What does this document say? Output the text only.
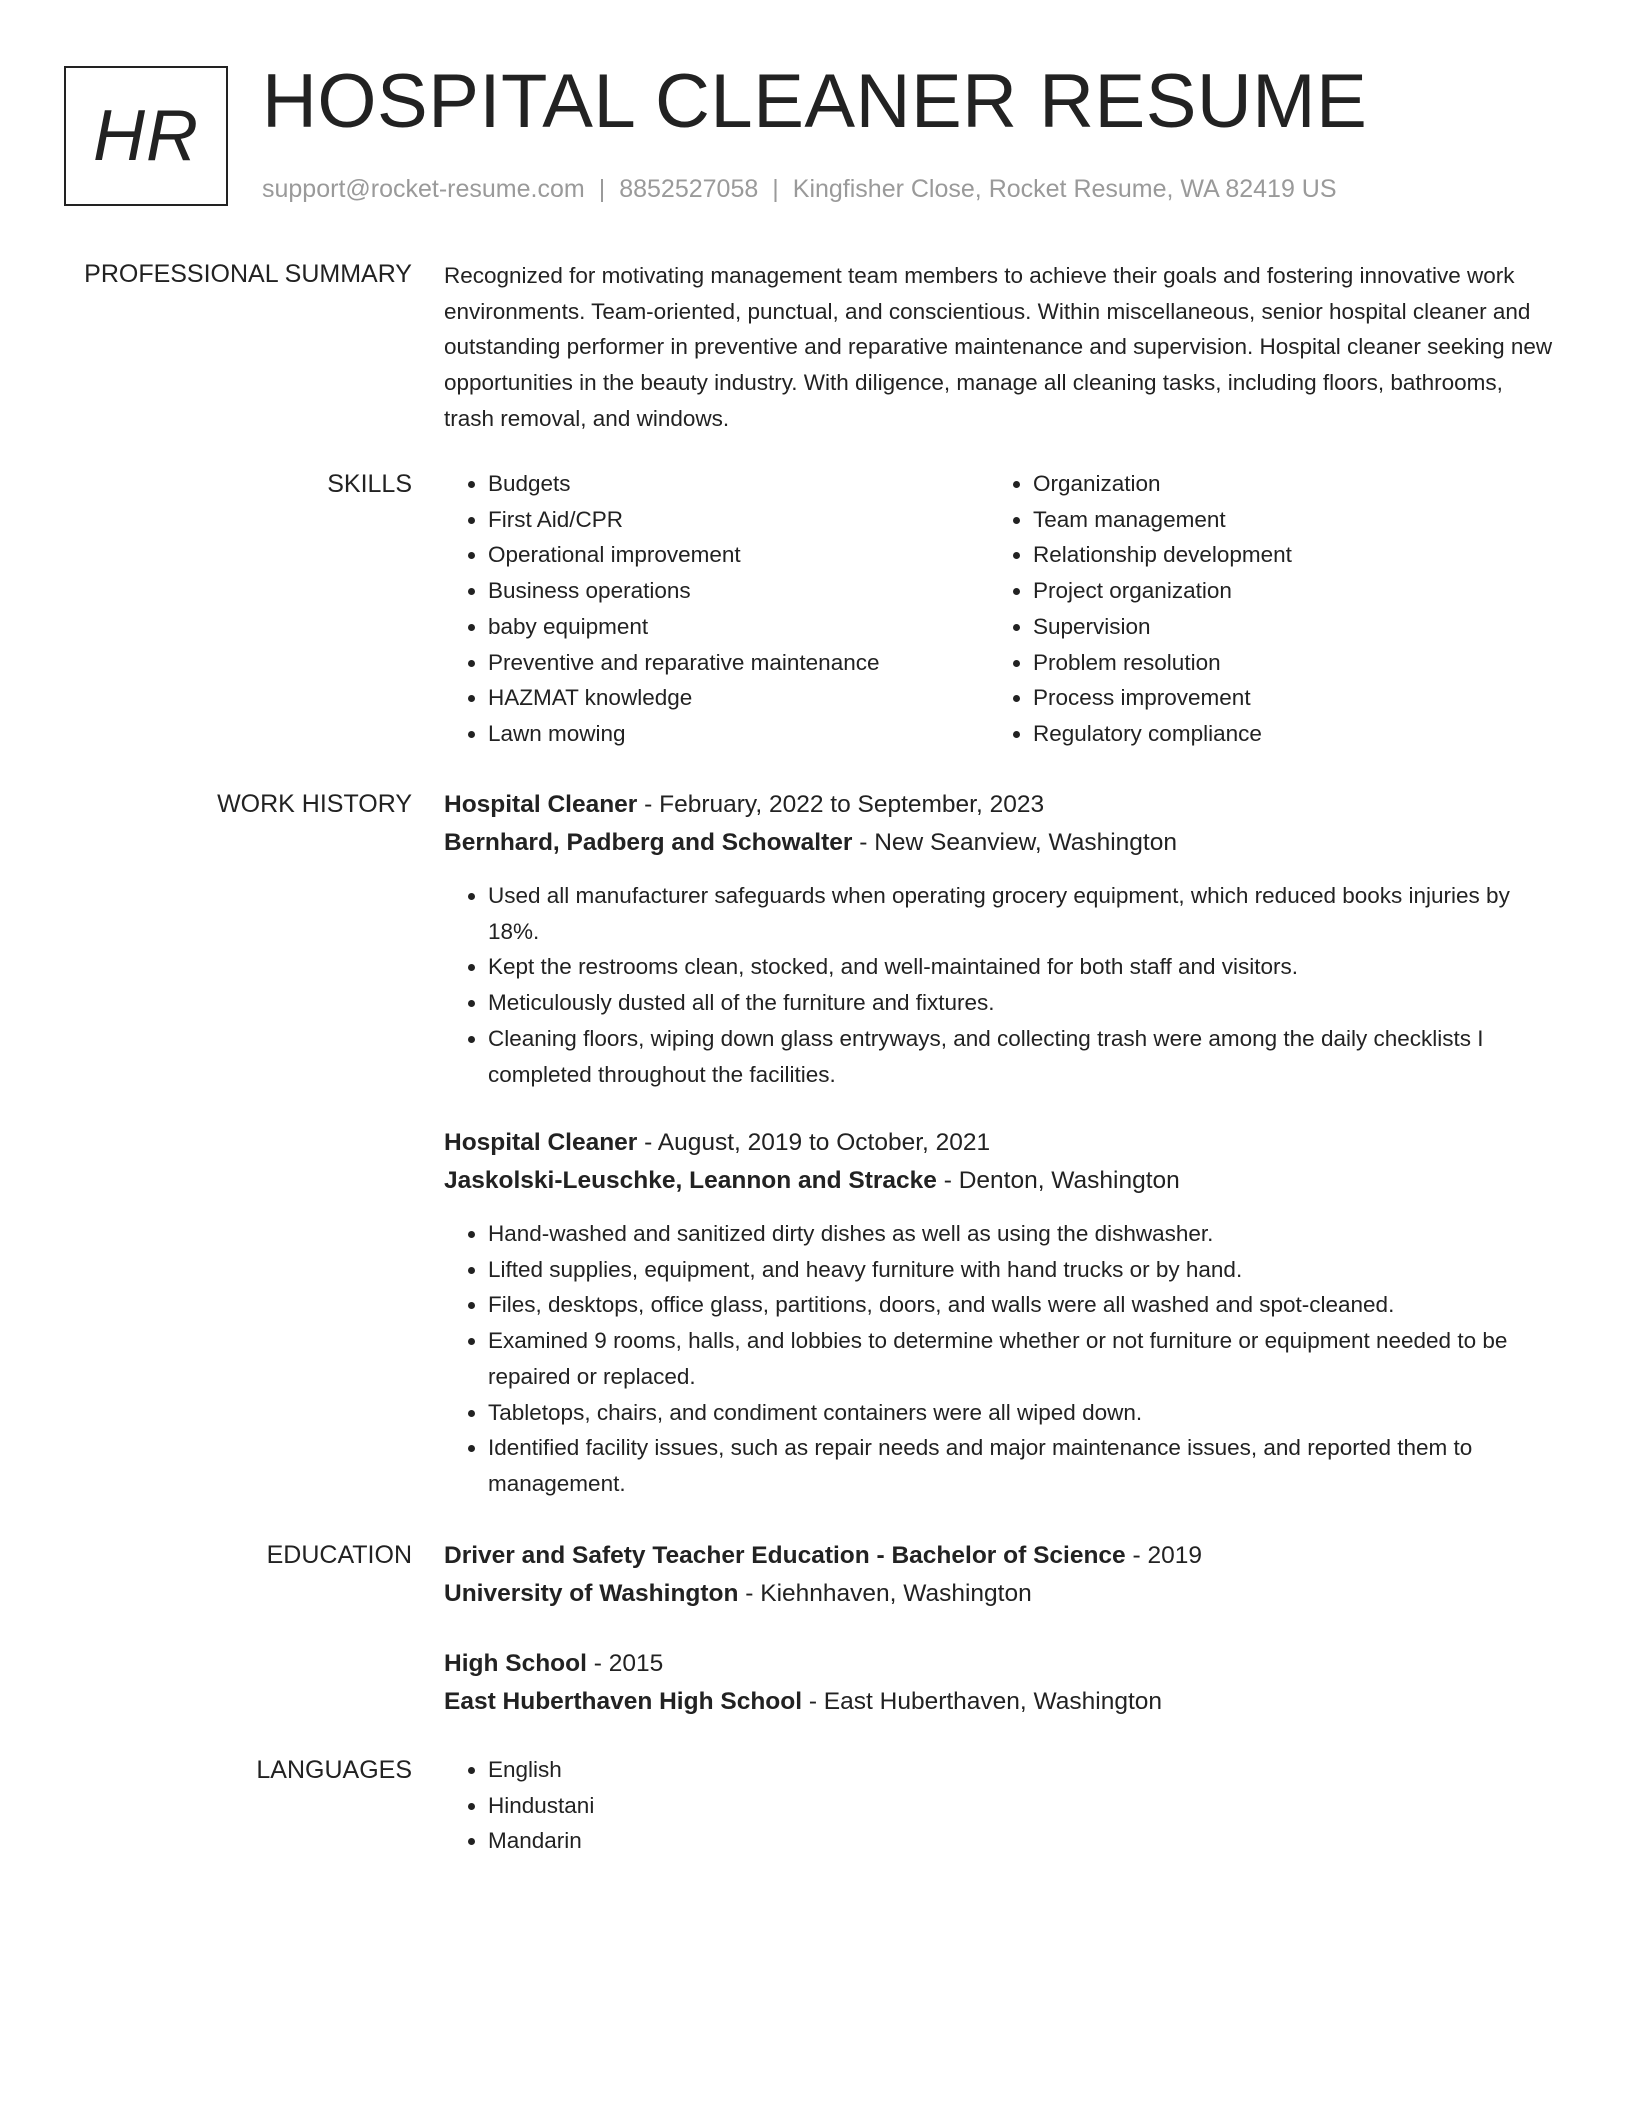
HR HOSPITAL CLEANER RESUME
support@rocket-resume.com | 8852527058 | Kingfisher Close, Rocket Resume, WA 82419 US
PROFESSIONAL SUMMARY Recognized for motivating management team members to achieve their goals and fostering innovative work environments. Team-oriented, punctual, and conscientious. Within miscellaneous, senior hospital cleaner and outstanding performer in preventive and reparative maintenance and supervision. Hospital cleaner seeking new opportunities in the beauty industry. With diligence, manage all cleaning tasks, including floors, bathrooms, trash removal, and windows.

SKILLS	• Budgets
• First Aid/CPR
• Operational improvement
• Business operations
• baby equipment
• Preventive and reparative maintenance
• HAZMAT knowledge
• Lawn mowing
• Organization
• Team management
• Relationship development
• Project organization
• Supervision
• Problem resolution
• Process improvement
• Regulatory compliance
WORK HISTORY Hospital Cleaner - February, 2022 to September, 2023
Bernhard, Padberg and Schowalter - New Seanview, Washington
• Used all manufacturer safeguards when operating grocery equipment, which reduced books injuries by 18%.
• Kept the restrooms clean, stocked, and well-maintained for both staff and visitors.
• Meticulously dusted all of the furniture and fixtures.
• Cleaning floors, wiping down glass entryways, and collecting trash were among the daily checklists I completed throughout the facilities.
Hospital Cleaner - August, 2019 to October, 2021
Jaskolski-Leuschke, Leannon and Stracke - Denton, Washington
• Hand-washed and sanitized dirty dishes as well as using the dishwasher.
• Lifted supplies, equipment, and heavy furniture with hand trucks or by hand.
• Files, desktops, office glass, partitions, doors, and walls were all washed and spot-cleaned.
• Examined 9 rooms, halls, and lobbies to determine whether or not furniture or equipment needed to be repaired or replaced.
• Tabletops, chairs, and condiment containers were all wiped down.
• Identified facility issues, such as repair needs and major maintenance issues, and reported them to management.
EDUCATION Driver and Safety Teacher Education - Bachelor of Science - 2019
University of Washington - Kiehnhaven, Washington
High School - 2015
East Huberthaven High School - East Huberthaven, Washington
LANGUAGES	• English
• Hindustani
• Mandarin
